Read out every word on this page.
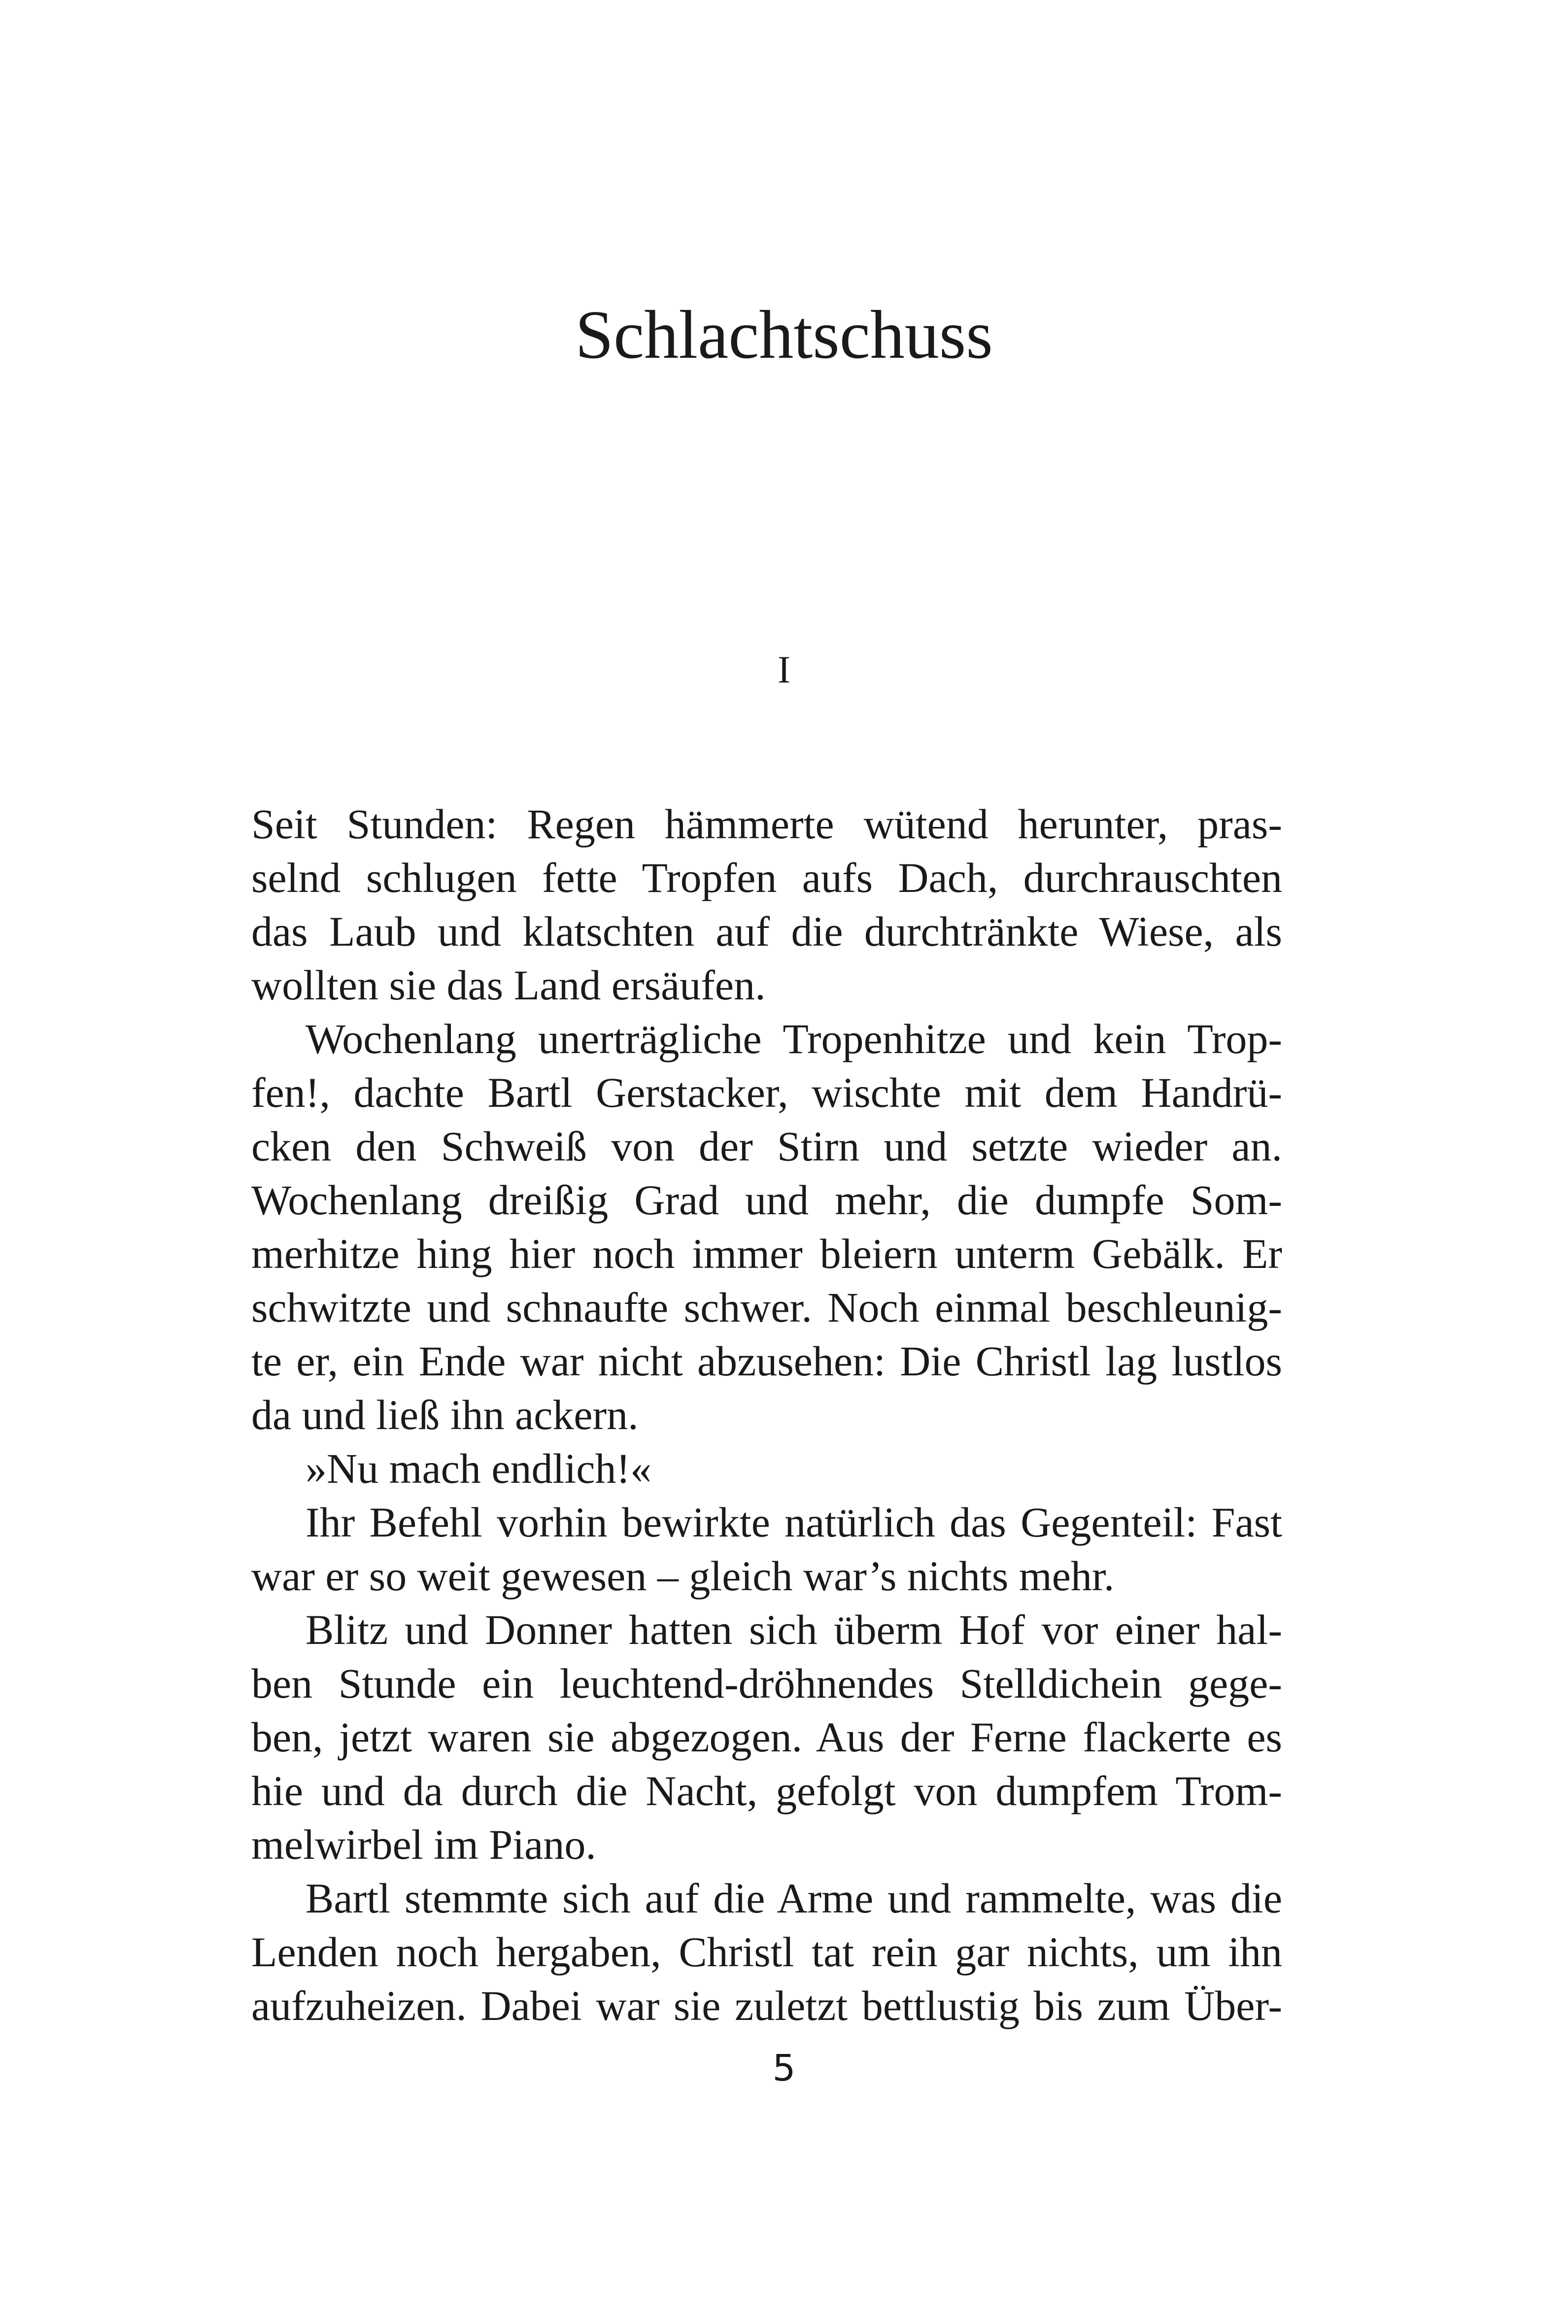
Schlachtschuss
I
Seit Stunden: Regen hämmerte wütend herunter, pras-
selnd schlugen fette Tropfen aufs Dach, durchrauschten
das Laub und klatschten auf die durchtränkte Wiese, als
wollten sie das Land ersäufen.
Wochenlang unerträgliche Tropenhitze und kein Trop-
fen!, dachte Bartl Gerstacker, wischte mit dem Handrü-
cken den Schweiß von der Stirn und setzte wieder an.
Wochenlang dreißig Grad und mehr, die dumpfe Som-
merhitze hing hier noch immer bleiern unterm Gebälk. Er
schwitzte und schnaufte schwer. Noch einmal beschleunig-
te er, ein Ende war nicht abzusehen: Die Christl lag lustlos
da und ließ ihn ackern.
»Nu mach endlich!«
Ihr Befehl vorhin bewirkte natürlich das Gegenteil: Fast
war er so weit gewesen – gleich war’s nichts mehr.
Blitz und Donner hatten sich überm Hof vor einer hal-
ben Stunde ein leuchtend-dröhnendes Stelldichein gege-
ben, jetzt waren sie abgezogen. Aus der Ferne flackerte es
hie und da durch die Nacht, gefolgt von dumpfem Trom-
melwirbel im Piano.
Bartl stemmte sich auf die Arme und rammelte, was die
Lenden noch hergaben, Christl tat rein gar nichts, um ihn
aufzuheizen. Dabei war sie zuletzt bettlustig bis zum Über-
5
